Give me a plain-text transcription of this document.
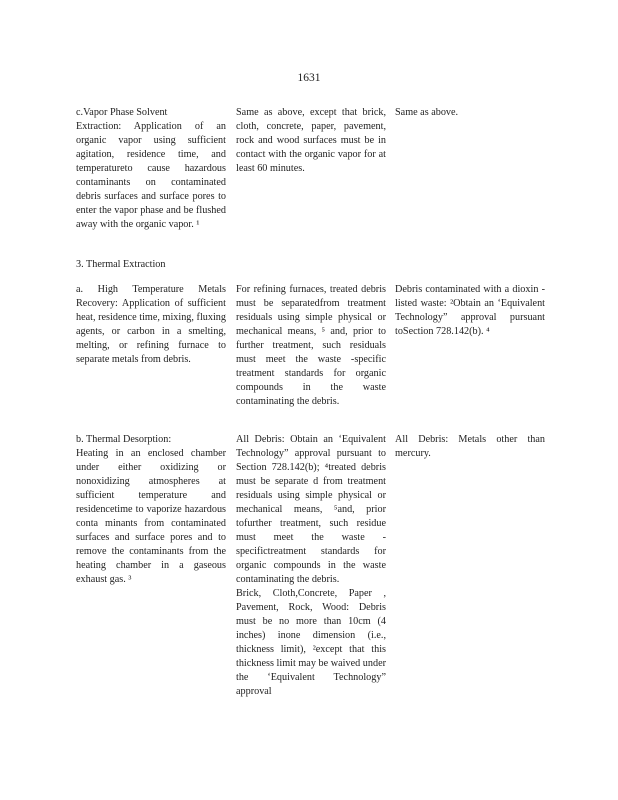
1631
c.Vapor Phase Solvent
Extraction: Application of an organic vapor using sufficient agitation, residence time, and temperatureto cause hazardous contaminants on contaminated debris surfaces and surface pores to enter the vapor phase and be flushed away with the organic vapor. ¹
Same as above, except that brick, cloth, concrete, paper, pavement, rock and wood surfaces must be in contact with the organic vapor for at least 60 minutes.
Same as above.
3. Thermal Extraction
a. High Temperature Metals Recovery: Application of sufficient heat, residence time, mixing, fluxing agents, or carbon in a smelting, melting, or refining furnace to separate metals from debris.
For refining furnaces, treated debris must be separatedfrom treatment residuals using simple physical or mechanical means, ⁵ and, prior to further treatment, such residuals must meet the waste -specific treatment standards for organic compounds in the waste contaminating the debris.
Debris contaminated with a dioxin -listed waste: ²Obtain an ‘Equivalent Technology” approval pursuant toSection 728.142(b). ⁴
b. Thermal Desorption:
Heating in an enclosed chamber under either oxidizing or nonoxidizing atmospheres at sufficient temperature and residencetime to vaporize hazardous conta minants from contaminated surfaces and surface pores and to remove the contaminants from the heating chamber in a gaseous exhaust gas. ³
All Debris: Obtain an ‘Equivalent Technology” approval pursuant to Section 728.142(b); ⁴treated debris must be separate d from treatment residuals using simple physical or mechanical means, ⁵and, prior tofurther treatment, such residue must meet the waste -specifictreatment standards for organic compounds in the waste contaminating the debris.
Brick, Cloth,Concrete, Paper , Pavement, Rock, Wood: Debris must be no more than 10cm (4 inches) inone dimension (i.e., thickness limit), ²except that this thickness limit may be waived under the ‘Equivalent Technology” approval
All Debris: Metals other than mercury.
